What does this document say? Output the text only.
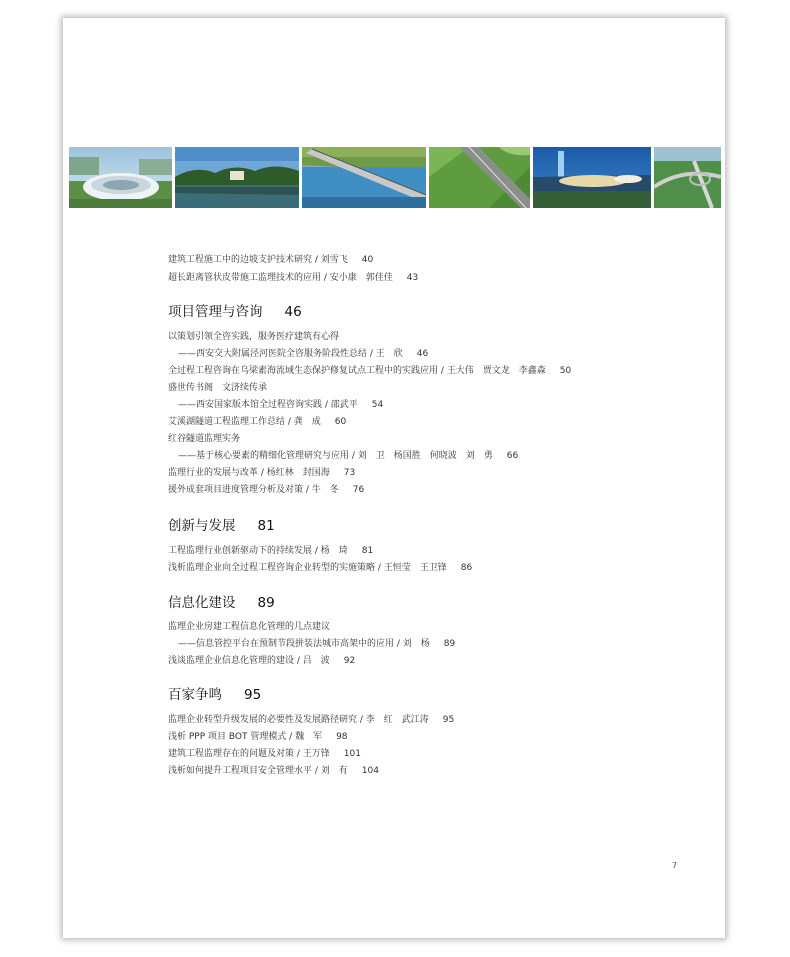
建筑工程施工中的边坡支护技术研究 / 刘雪飞 40
超长距离管状皮带施工监理技术的应用 / 安小康　郭佳佳 43
项目管理与咨询 46
以策划引领全咨实践，服务医疗建筑有心得
——西安交大附属泾河医院全咨服务阶段性总结 / 王　欣 46
全过程工程咨询在乌梁素海流域生态保护修复试点工程中的实践应用 / 王大伟　贾文龙　李鑫森 50
盛世传书阁　文济续传承
——西安国家版本馆全过程咨询实践 / 邵武平 54
艾溪湖隧道工程监理工作总结 / 龚　成 60
红谷隧道监理实务
——基于核心要素的精细化管理研究与应用 / 刘　卫　杨国胜　何晓波　刘　勇 66
监理行业的发展与改革 / 杨红林　封国海 73
援外成套项目进度管理分析及对策 / 牛　冬 76
创新与发展 81
工程监理行业创新驱动下的持续发展 / 杨　琦 81
浅析监理企业向全过程工程咨询企业转型的实施策略 / 王恒莹　王卫锋 86
信息化建设 89
监理企业房建工程信息化管理的几点建议
——信息管控平台在预制节段拼装法城市高架中的应用 / 刘　杨 89
浅谈监理企业信息化管理的建设 / 吕　波 92
百家争鸣 95
监理企业转型升级发展的必要性及发展路径研究 / 李　红　武江涛 95
浅析 PPP 项目 BOT 管理模式 / 魏　军 98
建筑工程监理存在的问题及对策 / 王万锋 101
浅析如何提升工程项目安全管理水平 / 刘　有 104
7
